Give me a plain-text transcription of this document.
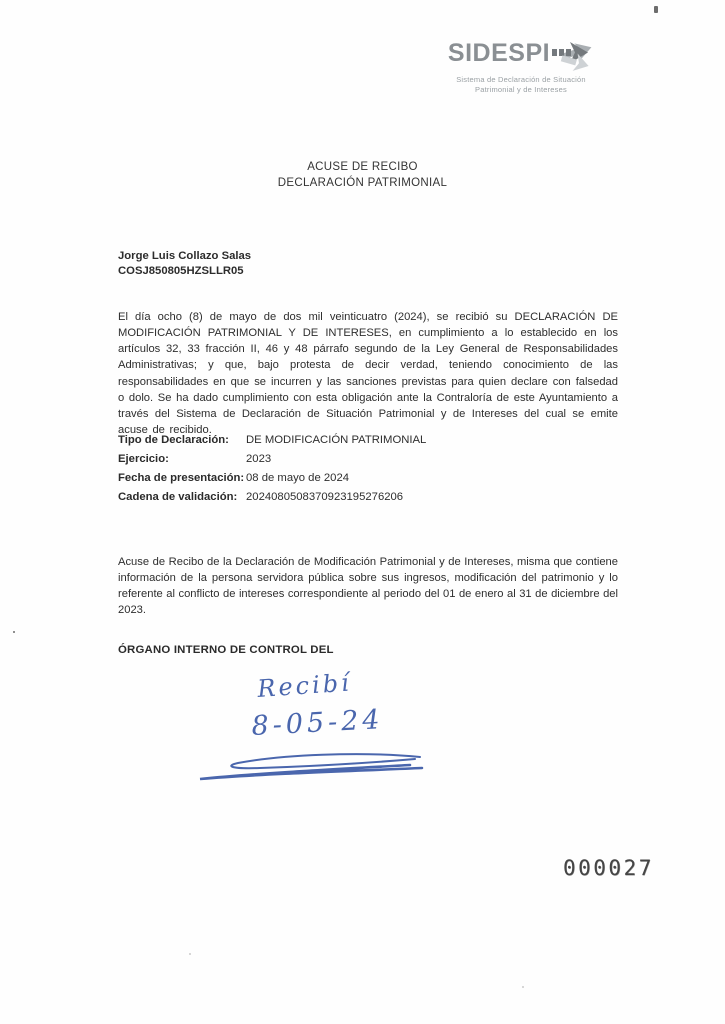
SIDESPI
Sistema de Declaración de Situación
Patrimonial y de Intereses
ACUSE DE RECIBO
DECLARACIÓN PATRIMONIAL
Jorge Luis Collazo Salas
COSJ850805HZSLLR05

El día ocho (8) de mayo de dos mil veinticuatro (2024), se recibió su DECLARACIÓN DE MODIFICACIÓN PATRIMONIAL Y DE INTERESES, en cumplimiento a lo establecido en los artículos 32, 33 fracción II, 46 y 48 párrafo segundo de la Ley General de Responsabilidades Administrativas; y que, bajo protesta de decir verdad, teniendo conocimiento de las responsabilidades en que se incurren y las sanciones previstas para quien declare con falsedad o dolo. Se ha dado cumplimiento con esta obligación ante la Contraloría de este Ayuntamiento a través del Sistema de Declaración de Situación Patrimonial y de Intereses del cual se emite acuse de recibido.

Tipo de Declaración:	DE MODIFICACIÓN PATRIMONIAL
Ejercicio:	2023
Fecha de presentación: 08 de mayo de 2024
Cadena de validación: 2024080508370923195276206

Acuse de Recibo de la Declaración de Modificación Patrimonial y de Intereses, misma que contiene información de la persona servidora pública sobre sus ingresos, modificación del patrimonio y lo referente al conflicto de intereses correspondiente al periodo del 01 de enero al 31 de diciembre del 2023.

ÓRGANO INTERNO DE CONTROL DEL
Recibí
8-05-24
000027
